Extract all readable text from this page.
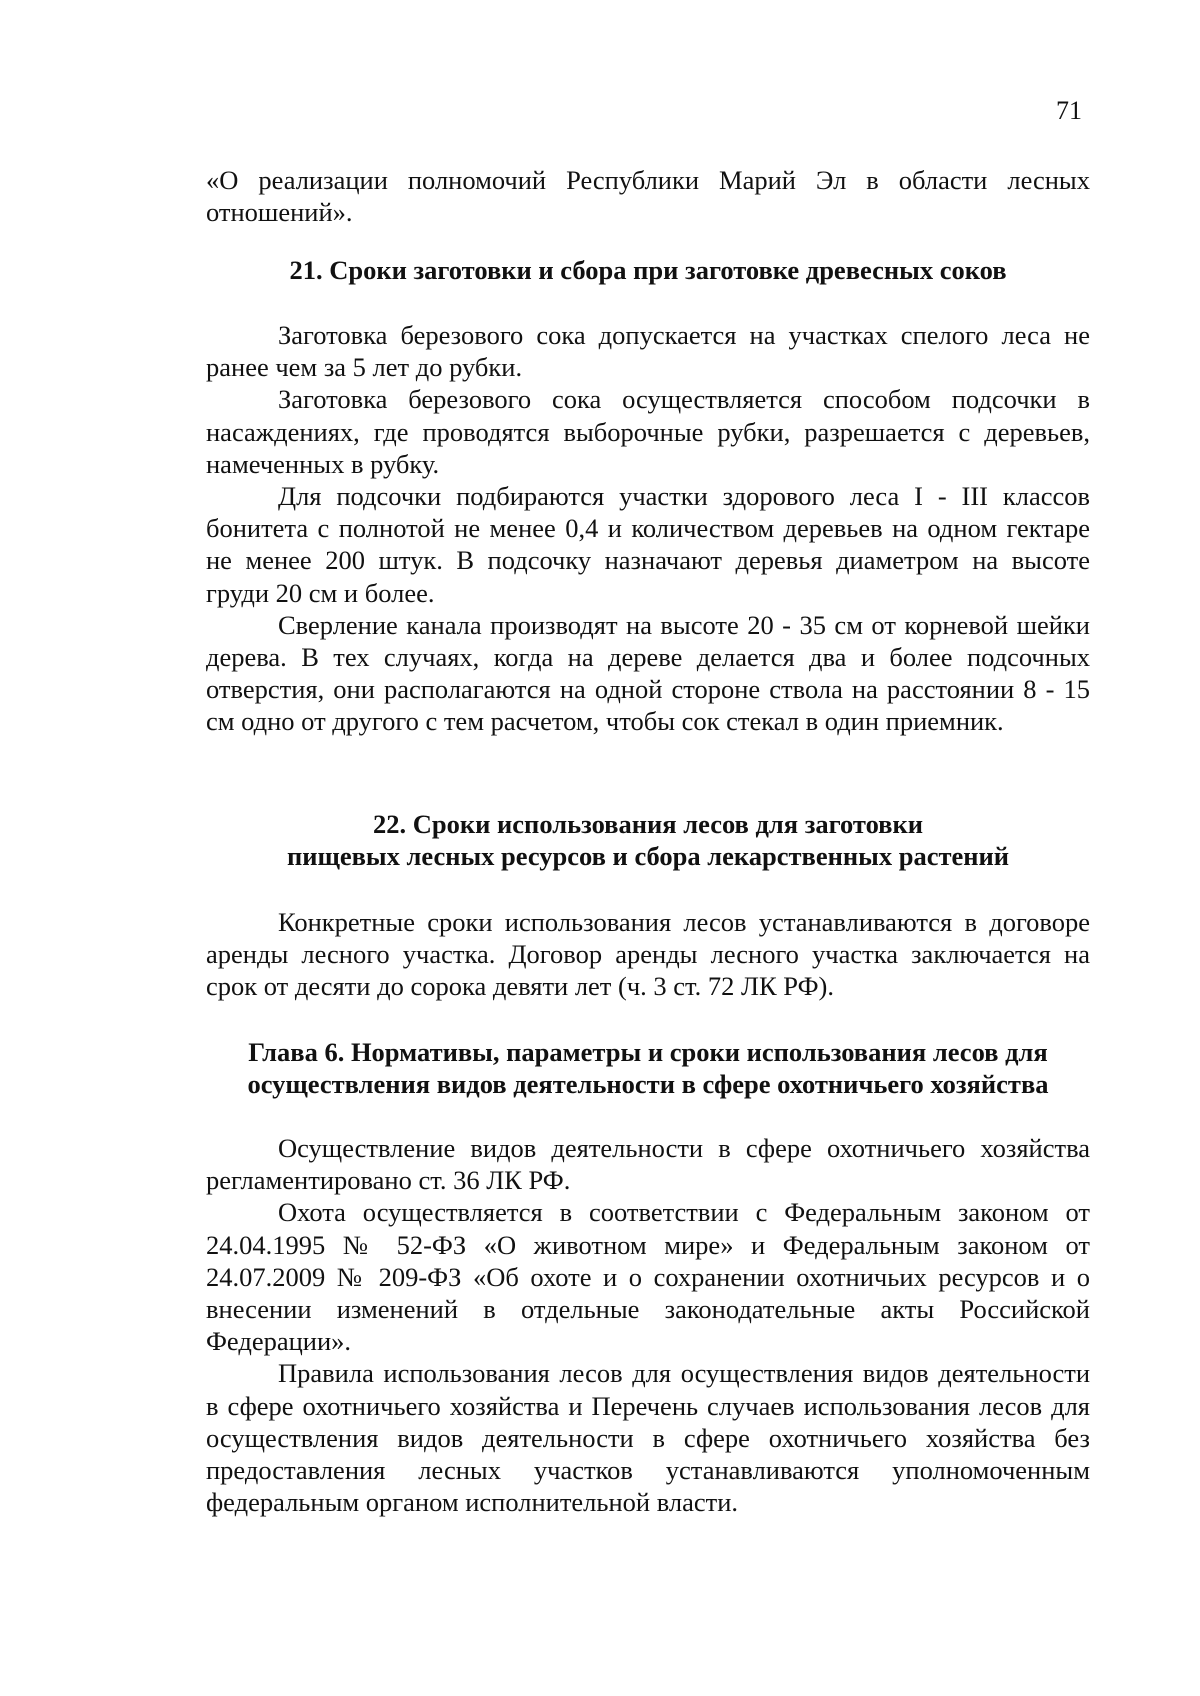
71

«О реализации полномочий Республики Марий Эл в области лесных отношений».

21. Сроки заготовки и сбора при заготовке древесных соков

Заготовка березового сока допускается на участках спелого леса не ранее чем за 5 лет до рубки.

Заготовка березового сока осуществляется способом подсочки в насаждениях, где проводятся выборочные рубки, разрешается с деревьев, намеченных в рубку.

Для подсочки подбираются участки здорового леса I - III классов бонитета с полнотой не менее 0,4 и количеством деревьев на одном гектаре не менее 200 штук. В подсочку назначают деревья диаметром на высоте груди 20 см и более.

Сверление канала производят на высоте 20 - 35 см от корневой шейки дерева. В тех случаях, когда на дереве делается два и более подсочных отверстия, они располагаются на одной стороне ствола на расстоянии 8 - 15 см одно от другого с тем расчетом, чтобы сок стекал в один приемник.

22. Сроки использования лесов для заготовки
пищевых лесных ресурсов и сбора лекарственных растений

Конкретные сроки использования лесов устанавливаются в договоре аренды лесного участка. Договор аренды лесного участка заключается на срок от десяти до сорока девяти лет (ч. 3 ст. 72 ЛК РФ).

Глава 6. Нормативы, параметры и сроки использования лесов для
осуществления видов деятельности в сфере охотничьего хозяйства

Осуществление видов деятельности в сфере охотничьего хозяйства регламентировано ст. 36 ЛК РФ.

Охота осуществляется в соответствии с Федеральным законом от 24.04.1995 № 52-ФЗ «О животном мире» и Федеральным законом от 24.07.2009 № 209-ФЗ «Об охоте и о сохранении охотничьих ресурсов и о внесении изменений в отдельные законодательные акты Российской Федерации».

Правила использования лесов для осуществления видов деятельности в сфере охотничьего хозяйства и Перечень случаев использования лесов для осуществления видов деятельности в сфере охотничьего хозяйства без предоставления лесных участков устанавливаются уполномоченным федеральным органом исполнительной власти.
